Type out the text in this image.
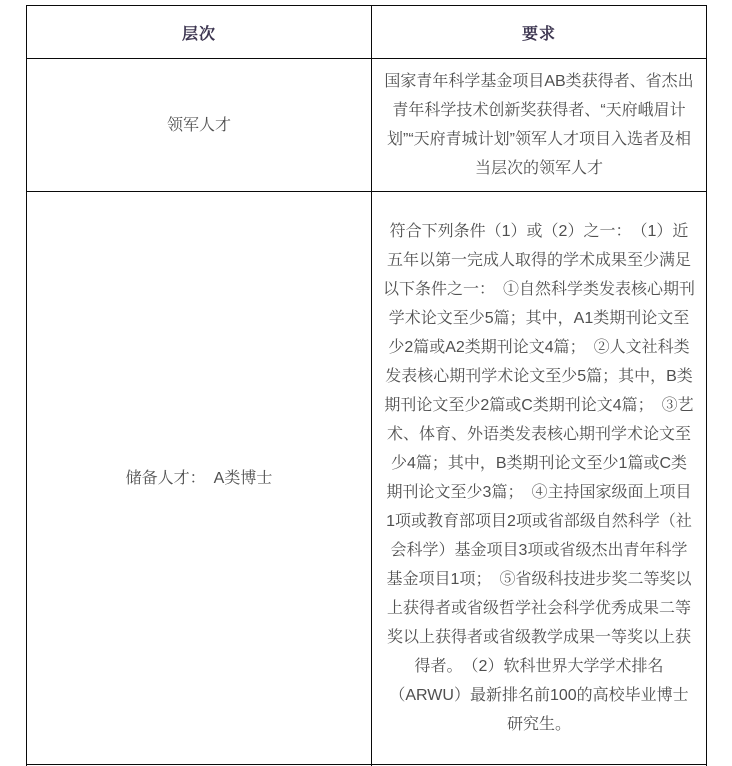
层次	要求
领军人才	国家青年科学基金项目AB类获得者、省杰出青年科学技术创新奖获得者、“天府峨眉计划”“天府青城计划”领军人才项目入选者及相当层次的领军人才
储备人才：　A类博士	符合下列条件（1）或（2）之一：　（1）近五年以第一完成人取得的学术成果至少满足以下条件之一：　①自然科学类发表核心期刊学术论文至少5篇；其中，A1类期刊论文至少2篇或A2类期刊论文4篇；　②人文社科类发表核心期刊学术论文至少5篇；其中，B类期刊论文至少2篇或C类期刊论文4篇；　③艺术、体育、外语类发表核心期刊学术论文至少4篇；其中，B类期刊论文至少1篇或C类期刊论文至少3篇；　④主持国家级面上项目1项或教育部项目2项或省部级自然科学（社会科学）基金项目3项或省级杰出青年科学基金项目1项；　⑤省级科技进步奖二等奖以上获得者或省级哲学社会科学优秀成果二等奖以上获得者或省级教学成果一等奖以上获得者。　（2）软科世界大学学术排名（ARWU）最新排名前100的高校毕业博士研究生。
